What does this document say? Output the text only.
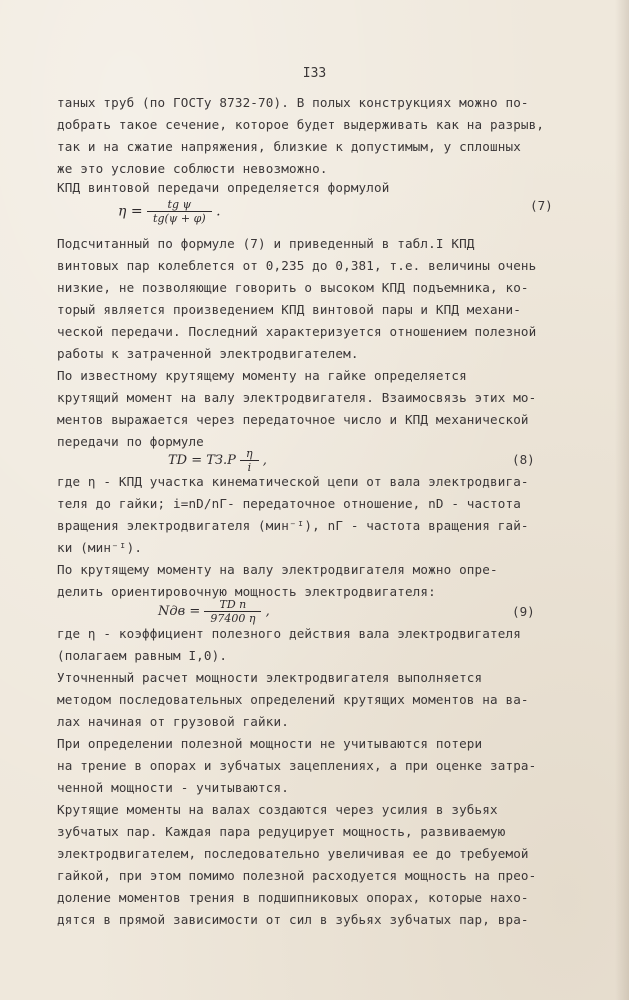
I33
таных труб (по ГОСТу 8732-70). В полых конструкциях можно по-
добрать такое сечение, которое будет выдерживать как на разрыв,
так и на сжатие напряжения, близкие к допустимым, у сплошных
же это условие соблюсти невозможно.
КПД винтовой передачи определяется формулой
Подсчитанный по формуле (7) и приведенный в табл.I КПД
винтовых пар колеблется от 0,235 до 0,381, т.е. величины очень
низкие, не позволяющие говорить о высоком КПД подъемника, ко-
торый является произведением КПД винтовой пары и КПД механи-
ческой передачи. Последний характеризуется отношением полезной
работы к затраченной электродвигателем.
По известному крутящему моменту на гайке определяется
крутящий момент на валу электродвигателя. Взаимосвязь этих мо-
ментов выражается через передаточное число и КПД механической
передачи по формуле
где η - КПД участка кинематической цепи от вала электродвига-
теля до гайки; i=nD/nГ- передаточное отношение, nD - частота
вращения электродвигателя (мин⁻ᴵ), nГ - частота вращения гай-
ки (мин⁻ᴵ).
По крутящему моменту на валу электродвигателя можно опре-
делить ориентировочную мощность электродвигателя:
где η - коэффициент полезного действия вала электродвигателя
(полагаем равным I,0).
Уточненный расчет мощности электродвигателя выполняется
методом последовательных определений крутящих моментов на ва-
лах начиная от грузовой гайки.
При определении полезной мощности не учитываются потери
на трение в опорах и зубчатых зацеплениях, а при оценке затра-
ченной мощности - учитываются.
Крутящие моменты на валах создаются через усилия в зубьях
зубчатых пар. Каждая пара редуцирует мощность, развиваемую
электродвигателем, последовательно увеличивая ее до требуемой
гайкой, при этом помимо полезной расходуется мощность на прео-
доление моментов трения в подшипниковых опорах, которые нахо-
дятся в прямой зависимости от сил в зубьях зубчатых пар, вра-
$\eta = \frac{\text{tg ψ}}{tg(\psi + \varphi)}$ .	(7)
TD = $TЗ.Р \frac{\eta}{i}$ ,	(8)
Nдв = $\frac{\text{TD n}}{97400 \eta}$ ,	(9)
